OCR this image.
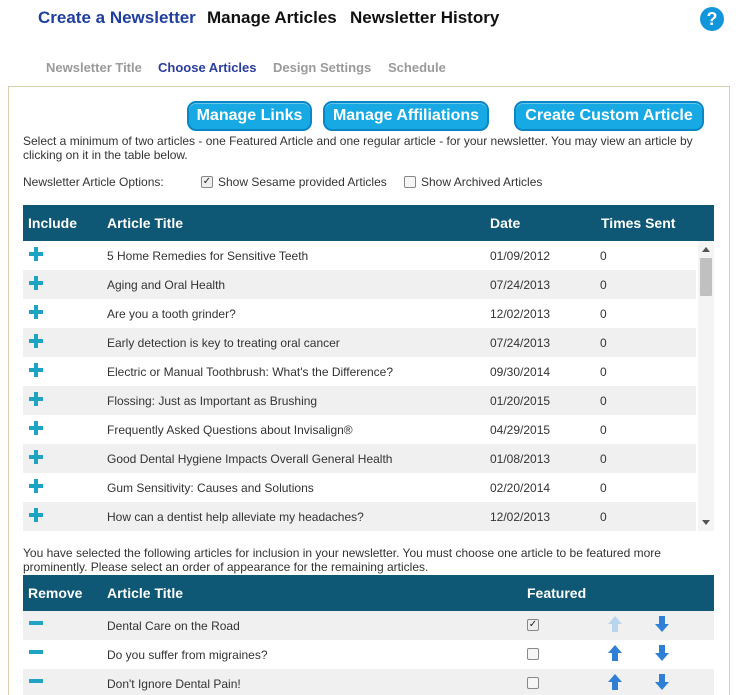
Create a Newsletter Manage Articles Newsletter History	?
Newsletter Title Choose Articles Design Settings Schedule
Manage Links	Manage Affiliations	Create Custom Article
Select a minimum of two articles - one Featured Article and one regular article - for your newsletter. You may view an article by clicking on it in the table below.
Newsletter Article Options:	✓ Show Sesame provided Articles	Show Archived Articles
Include Article Title	Date	Times Sent
5 Home Remedies for Sensitive Teeth	01/09/2012	0
Aging and Oral Health	07/24/2013	0
Are you a tooth grinder?	12/02/2013	0
Early detection is key to treating oral cancer	07/24/2013	0
Electric or Manual Toothbrush: What's the Difference?	09/30/2014	0
Flossing: Just as Important as Brushing	01/20/2015	0
Frequently Asked Questions about Invisalign®	04/29/2015	0
Good Dental Hygiene Impacts Overall General Health	01/08/2013	0
Gum Sensitivity: Causes and Solutions	02/20/2014	0
How can a dentist help alleviate my headaches?	12/02/2013	0
You have selected the following articles for inclusion in your newsletter. You must choose one article to be featured more prominently. Please select an order of appearance for the remaining articles.
Remove Article Title	Featured
Dental Care on the Road	✓
Do you suffer from migraines?
Don't Ignore Dental Pain!
